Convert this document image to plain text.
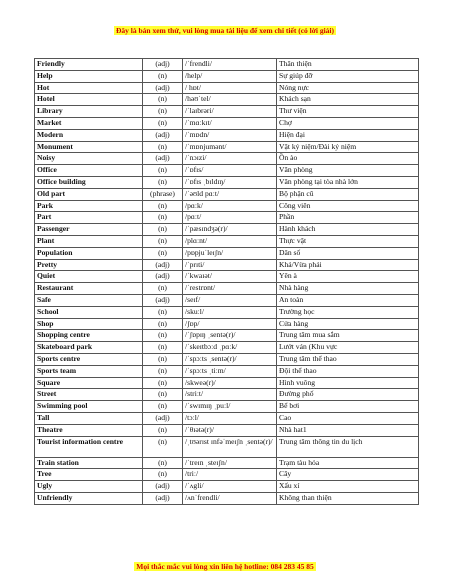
Đây là bản xem thử, vui lòng mua tài liệu để xem chi tiết (có lời giải)
Friendly	(adj)	/ˈfrendli/	Thân thiện
Help	(n)	/help/	Sự giúp đỡ
Hot	(adj)	/ hɒt/	Nóng nực
Hotel	(n)	/həʊˈtel/	Khách sạn
Library	(n)	/ˈlaɪbrəri/	Thư viện
Market	(n)	/ˈmɑːkɪt/	Chợ
Modern	(adj)	/ˈmɒdn/	Hiện đại
Monument	(n)	/ˈmɒnjumənt/	Vật kỷ niệm/Đài kỷ niệm
Noisy	(adj)	/ˈnɔɪzi/	Ồn ào
Office	(n)	/ˈɒfɪs/	Văn phòng
Office building	(n)	/ˈɒfɪs ˌbɪldɪŋ/	Văn phòng tại tòa nhà lớn
Old part	(phrase)	/ˈəʊld pɑːt/	Bộ phận cũ
Park	(n)	/pɑːk/	Công viên
Part	(n)	/pɑːt/	Phần
Passenger	(n)	/ˈpæsɪndʒə(r)/	Hành khách
Plant	(n)	/plɑːnt/	Thực vật
Population	(n)	/pɒpjuˈleɪʃn/	Dân số
Pretty	(adj)	/ˈprɪti/	Khá/Vừa phải
Quiet	(adj)	/ˈkwaɪət/	Yên à
Restaurant	(n)	/ˈrestrɒnt/	Nhà hàng
Safe	(adj)	/seɪf/	An toàn
School	(n)	/skuːl/	Trường học
Shop	(n)	/ʃɒp/	Cửa hàng
Shopping centre	(n)	/ˈʃɒpɪŋ ˌsentə(r)/	Trung tâm mua sắm
Skateboard park	(n)	/ˈskeɪtbɔːd ˌpɑːk/	Lướt ván (Khu vực
Sports centre	(n)	/ˈspɔːts ˌsentə(r)/	Trung tâm thể thao
Sports team	(n)	/ˈspɔːts ˌtiːm/	Đội thể thao
Square	(n)	/skweə(r)/	Hình vuông
Street	(n)	/striːt/	Đường phố
Swimming pool	(n)	/ˈswɪmɪŋ ˌpuːl/	Bể bơi
Tall	(adj)	/tɔːl/	Cao
Theatre	(n)	/ˈθɪətə(r)/	Nhà hat1
Tourist information centre	(n)	/ˌtʊərɪst ɪnfəˈmeɪʃn ˌsentə(r)/	Trung tâm thông tin du lịch
Train station	(n)	/ˈtreɪn ˌsteɪʃn/	Trạm tàu hỏa
Tree	(n)	/triː/	Cây
Ugly	(adj)	/ˈʌgli/	Xấu xí
Unfriendly	(adj)	/ʌnˈfrendli/	Không than thiện
Mọi thắc mắc vui lòng xin liên hệ hotline: 084 283 45 85
